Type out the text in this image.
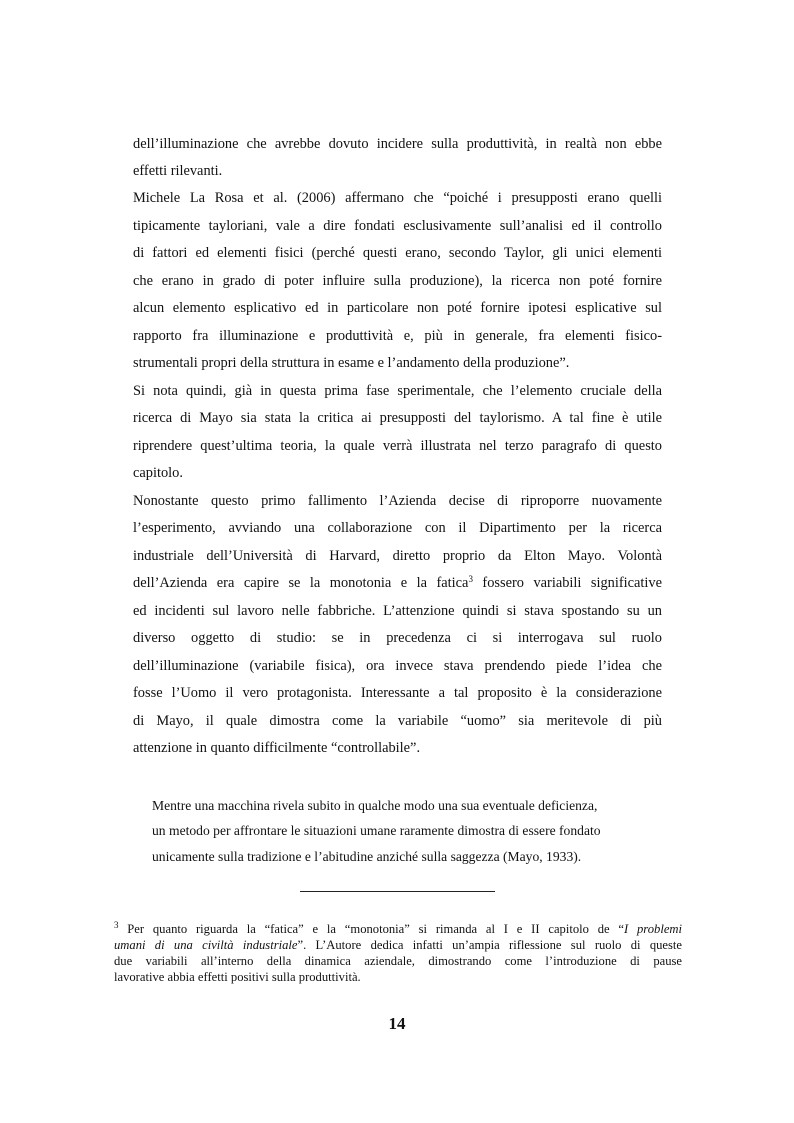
dell’illuminazione che avrebbe dovuto incidere sulla produttività, in realtà non ebbe
effetti rilevanti.
Michele La Rosa et al. (2006) affermano che “poiché i presupposti erano quelli
tipicamente tayloriani, vale a dire fondati esclusivamente sull’analisi ed il controllo
di fattori ed elementi fisici (perché questi erano, secondo Taylor, gli unici elementi
che erano in grado di poter influire sulla produzione), la ricerca non poté fornire
alcun elemento esplicativo ed in particolare non poté fornire ipotesi esplicative sul
rapporto fra illuminazione e produttività e, più in generale, fra elementi fisico-
strumentali propri della struttura in esame e l’andamento della produzione”.
Si nota quindi, già in questa prima fase sperimentale, che l’elemento cruciale della
ricerca di Mayo sia stata la critica ai presupposti del taylorismo. A tal fine è utile
riprendere quest’ultima teoria, la quale verrà illustrata nel terzo paragrafo di questo
capitolo.
Nonostante questo primo fallimento l’Azienda decise di riproporre nuovamente
l’esperimento, avviando una collaborazione con il Dipartimento per la ricerca
industriale dell’Università di Harvard, diretto proprio da Elton Mayo. Volontà
dell’Azienda era capire se la monotonia e la fatica$^3$ fossero variabili significative
ed incidenti sul lavoro nelle fabbriche. L’attenzione quindi si stava spostando su un
diverso oggetto di studio: se in precedenza ci si interrogava sul ruolo
dell’illuminazione (variabile fisica), ora invece stava prendendo piede l’idea che
fosse l’Uomo il vero protagonista. Interessante a tal proposito è la considerazione
di Mayo, il quale dimostra come la variabile “uomo” sia meritevole di più
attenzione in quanto difficilmente “controllabile”.
Mentre una macchina rivela subito in qualche modo una sua eventuale deficienza,
un metodo per affrontare le situazioni umane raramente dimostra di essere fondato
unicamente sulla tradizione e l’abitudine anziché sulla saggezza (Mayo, 1933).
$^3$ Per quanto riguarda la “fatica” e la “monotonia” si rimanda al I e II capitolo de “I problemi
umani di una civiltà industriale”. L’Autore dedica infatti un’ampia riflessione sul ruolo di queste
due variabili all’interno della dinamica aziendale, dimostrando come l’introduzione di pause
lavorative abbia effetti positivi sulla produttività.
14
